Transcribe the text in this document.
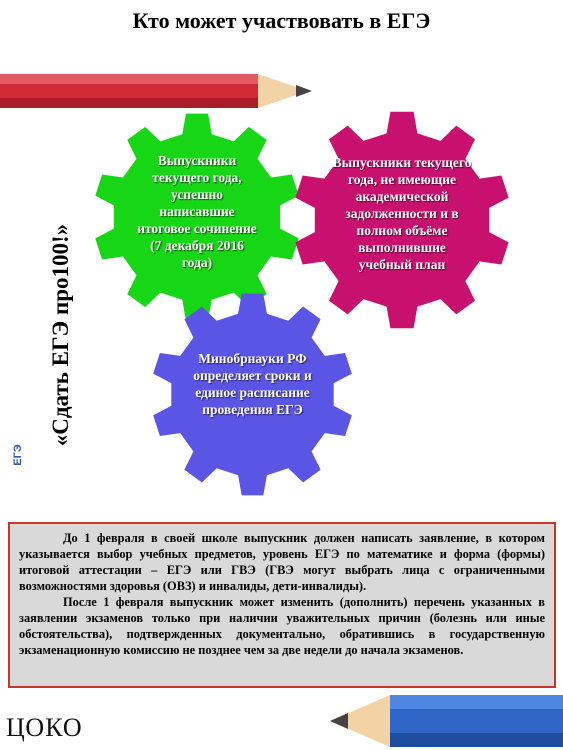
Кто может участвовать в ЕГЭ
«Сдать ЕГЭ про100!»
ЕГЭ
Выпускники текущего года, успешно написавшие итоговое сочинение (7 декабря 2016 года)
Выпускники текущего года, не имеющие академической задолженности и в полном объёме выполнившие учебный план
Минобрнауки РФ определяет сроки и единое расписание проведения ЕГЭ

До 1 февраля в своей школе выпускник должен написать заявление, в котором указывается выбор учебных предметов, уровень ЕГЭ по математике и форма (формы) итоговой аттестации – ЕГЭ или ГВЭ (ГВЭ могут выбрать лица с ограниченными возможностями здоровья (ОВЗ) и инвалиды, дети-инвалиды).

После 1 февраля выпускник может изменить (дополнить) перечень указанных в заявлении экзаменов только при наличии уважительных причин (болезнь или иные обстоятельства), подтвержденных документально, обратившись в государственную экзаменационную комиссию не позднее чем за две недели до начала экзаменов.

ЦОКО
